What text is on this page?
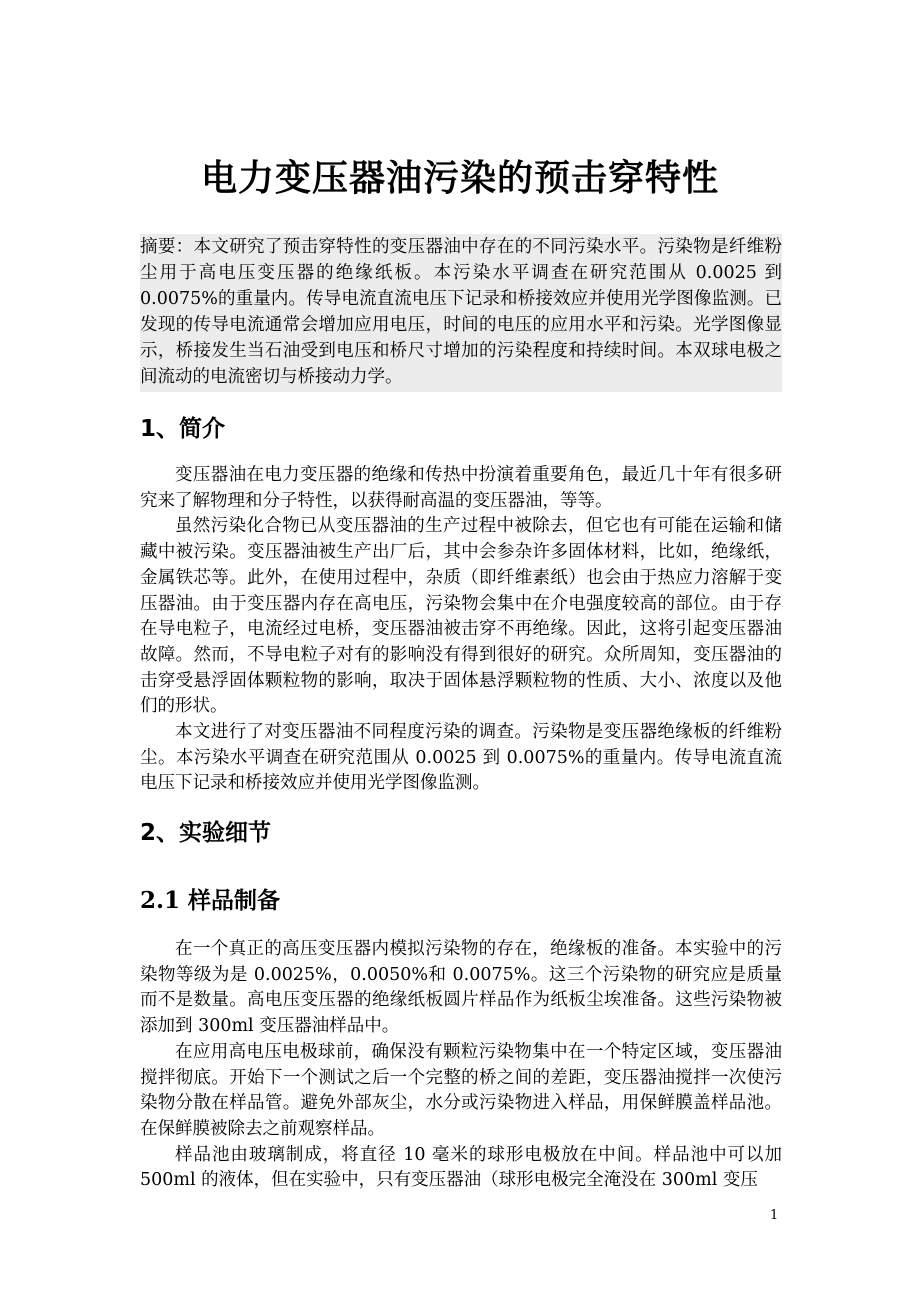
电力变压器油污染的预击穿特性
摘要：本文研究了预击穿特性的变压器油中存在的不同污染水平。污染物是纤维粉尘用于高电压变压器的绝缘纸板。本污染水平调查在研究范围从 0.0025 到 0.0075%的重量内。传导电流直流电压下记录和桥接效应并使用光学图像监测。已发现的传导电流通常会增加应用电压，时间的电压的应用水平和污染。光学图像显示，桥接发生当石油受到电压和桥尺寸增加的污染程度和持续时间。本双球电极之间流动的电流密切与桥接动力学。
1、简介

变压器油在电力变压器的绝缘和传热中扮演着重要角色，最近几十年有很多研究来了解物理和分子特性，以获得耐高温的变压器油，等等。

虽然污染化合物已从变压器油的生产过程中被除去，但它也有可能在运输和储藏中被污染。变压器油被生产出厂后，其中会参杂许多固体材料，比如，绝缘纸，金属铁芯等。此外，在使用过程中，杂质（即纤维素纸）也会由于热应力溶解于变压器油。由于变压器内存在高电压，污染物会集中在介电强度较高的部位。由于存在导电粒子，电流经过电桥，变压器油被击穿不再绝缘。因此，这将引起变压器油故障。然而，不导电粒子对有的影响没有得到很好的研究。众所周知，变压器油的击穿受悬浮固体颗粒物的影响，取决于固体悬浮颗粒物的性质、大小、浓度以及他们的形状。

本文进行了对变压器油不同程度污染的调查。污染物是变压器绝缘板的纤维粉尘。本污染水平调查在研究范围从 0.0025 到 0.0075%的重量内。传导电流直流电压下记录和桥接效应并使用光学图像监测。

2、实验细节
2.1 样品制备

在一个真正的高压变压器内模拟污染物的存在，绝缘板的准备。本实验中的污染物等级为是 0.0025%，0.0050%和 0.0075%。这三个污染物的研究应是质量而不是数量。高电压变压器的绝缘纸板圆片样品作为纸板尘埃准备。这些污染物被添加到 300ml 变压器油样品中。

在应用高电压电极球前，确保没有颗粒污染物集中在一个特定区域，变压器油搅拌彻底。开始下一个测试之后一个完整的桥之间的差距，变压器油搅拌一次使污染物分散在样品管。避免外部灰尘，水分或污染物进入样品，用保鲜膜盖样品池。在保鲜膜被除去之前观察样品。

样品池由玻璃制成，将直径 10 毫米的球形电极放在中间。样品池中可以加 500ml 的液体，但在实验中，只有变压器油（球形电极完全淹没在 300ml 变压

1
